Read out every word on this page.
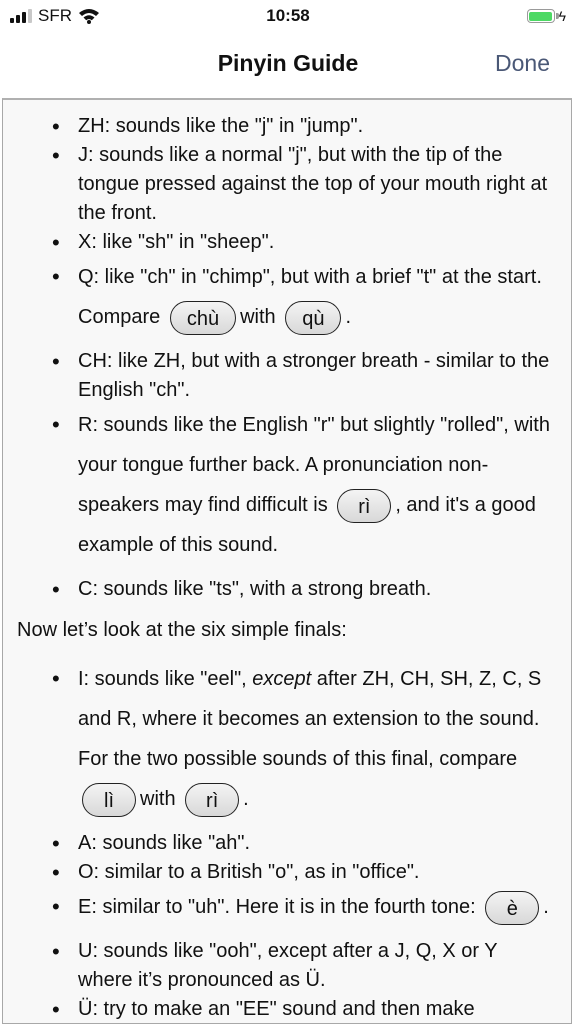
SFR	10:58	ϟ
Pinyin Guide	Done
• ZH: sounds like the "j" in "jump".
• J: sounds like a normal "j", but with the tip of the tongue pressed against the top of your mouth right at the front.
• X: like "sh" in "sheep".
• Q: like "ch" in "chimp", but with a brief "t" at the start. Compare chù with qù .
• CH: like ZH, but with a stronger breath - similar to the English "ch".
• R: sounds like the English "r" but slightly "rolled", with your tongue further back. A pronunciation non-speakers may find difficult is rì , and it's a good example of this sound.
• C: sounds like "ts", with a strong breath.
Now let’s look at the six simple finals:
• I: sounds like "eel", except after ZH, CH, SH, Z, C, S and R, where it becomes an extension to the sound. For the two possible sounds of this final, compare lì with rì .
• A: sounds like "ah".
• O: similar to a British "o", as in "office".
• E: similar to "uh". Here it is in the fourth tone: è .
• U: sounds like "ooh", except after a J, Q, X or Y where it’s pronounced as Ü.
• Ü: try to make an "EE" sound and then make
